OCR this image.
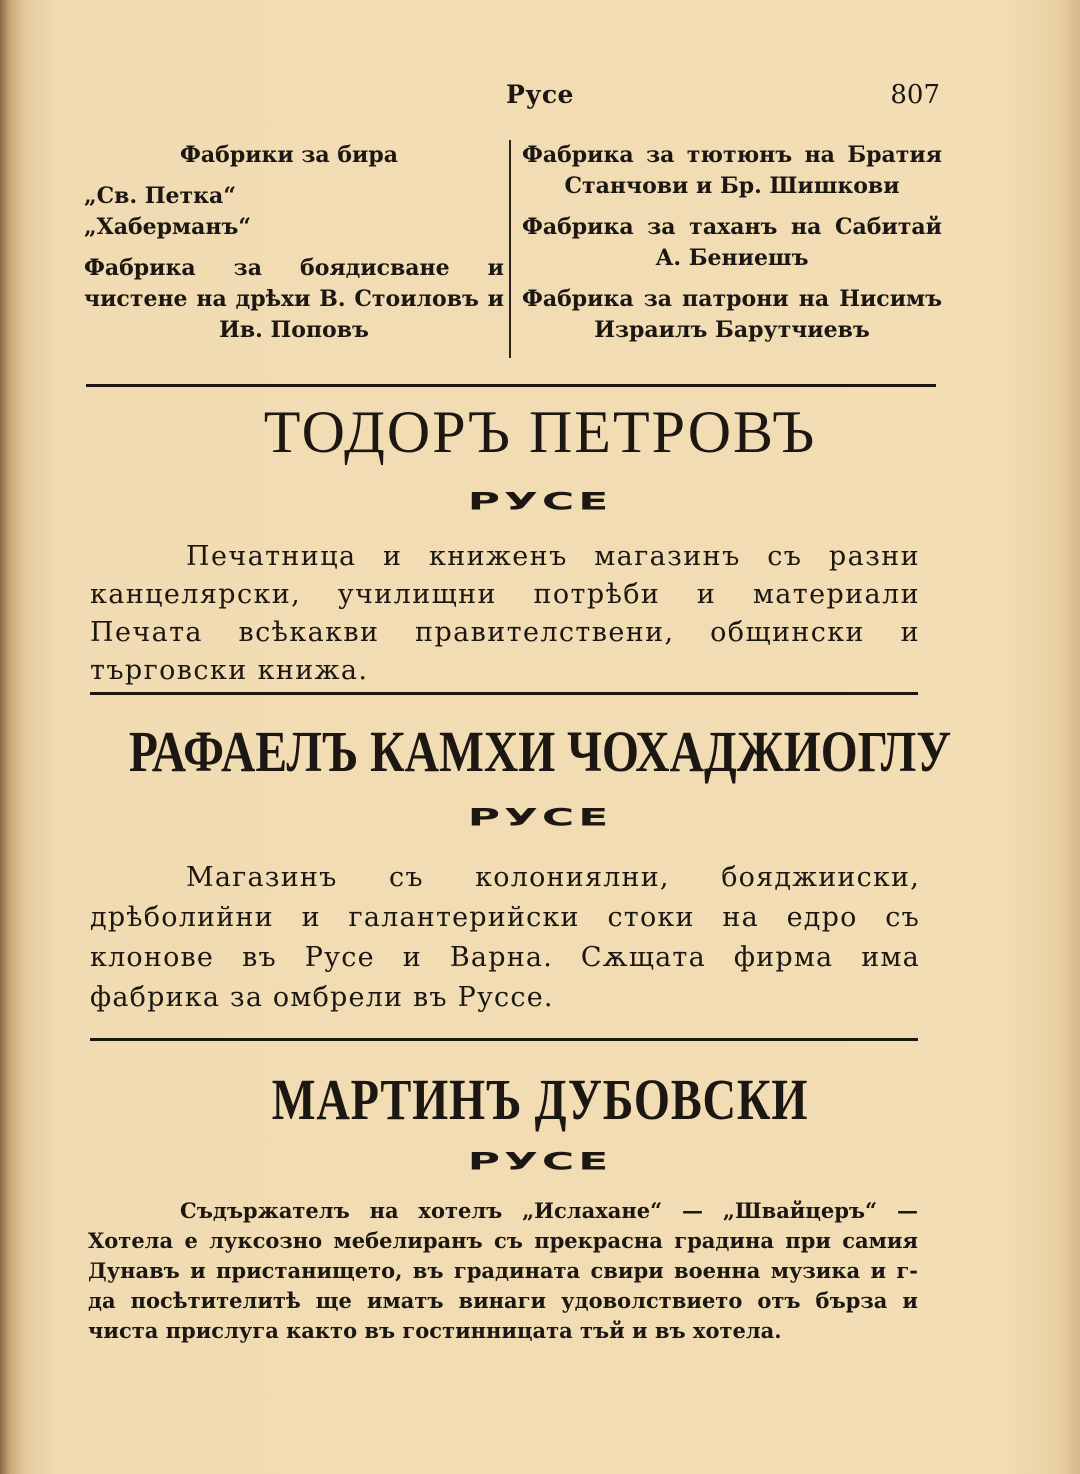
Русе	807

Фабрики за бира

„Св. Петка“

„Хаберманъ“

Фабрика за боядисване и чистене на дрѣхи В. Стоиловъ и Ив. Поповъ

Фабрика за тютюнъ на Братия Станчови и Бр. Шишкови

Фабрика за таханъ на Сабитай А. Бениешъ

Фабрика за патрони на Нисимъ Израилъ Барутчиевъ

ТОДОРЪ ПЕТРОВЪ
РУСЕ
Печатница и книженъ магазинъ съ разни канцелярски, училищни потрѣби и материали Печата всѣкакви правителствени, общински и търговски книжа.
РАФАЕЛЪ КАМХИ ЧОХАДЖИОГЛУ
РУСЕ
Магазинъ съ колониялни, бояджииски, дрѣболийни и галантерийски стоки на едро съ клонове въ Русе и Варна. Сѫщата фирма има фабрика за омбрели въ Руссе.
МАРТИНЪ ДУБОВСКИ
РУСЕ
Съдържателъ на хотелъ „Ислахане“ — „Швайцеръ“ — Хотела е луксозно мебелиранъ съ прекрасна градина при самия Дунавъ и пристанището, въ градината свири военна музика и г-да посѣтителитѣ ще иматъ винаги удоволствието отъ бърза и чиста прислуга както въ гостинницата тъй и въ хотела.
